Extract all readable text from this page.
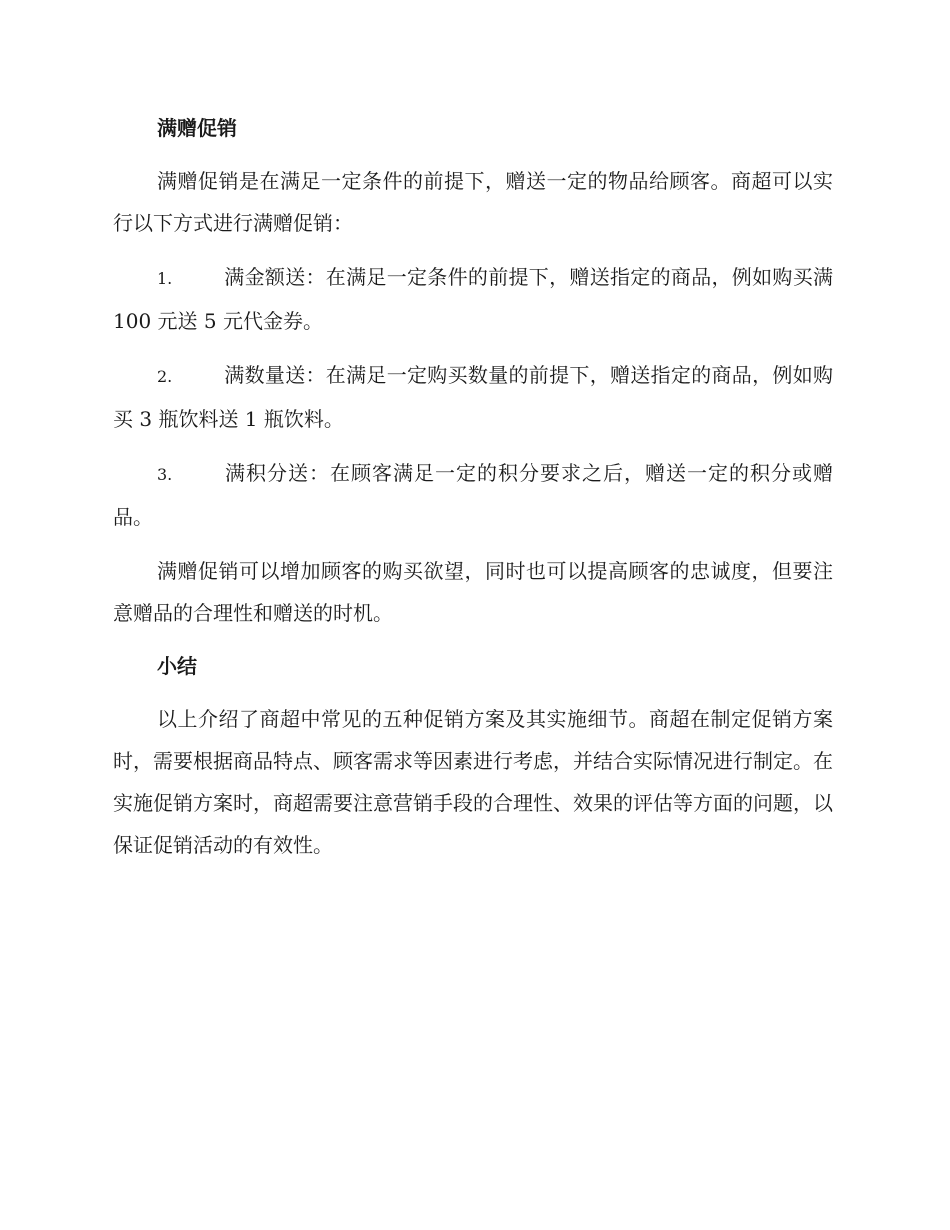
满赠促销

满赠促销是在满足一定条件的前提下，赠送一定的物品给顾客。商超可以实行以下方式进行满赠促销：

1.	满金额送：在满足一定条件的前提下，赠送指定的商品，例如购买满 100 元送 5 元代金券。
2.	满数量送：在满足一定购买数量的前提下，赠送指定的商品，例如购买 3 瓶饮料送 1 瓶饮料。
3.	满积分送：在顾客满足一定的积分要求之后，赠送一定的积分或赠品。

满赠促销可以增加顾客的购买欲望，同时也可以提高顾客的忠诚度，但要注意赠品的合理性和赠送的时机。

小结

以上介绍了商超中常见的五种促销方案及其实施细节。商超在制定促销方案时，需要根据商品特点、顾客需求等因素进行考虑，并结合实际情况进行制定。在实施促销方案时，商超需要注意营销手段的合理性、效果的评估等方面的问题，以保证促销活动的有效性。
